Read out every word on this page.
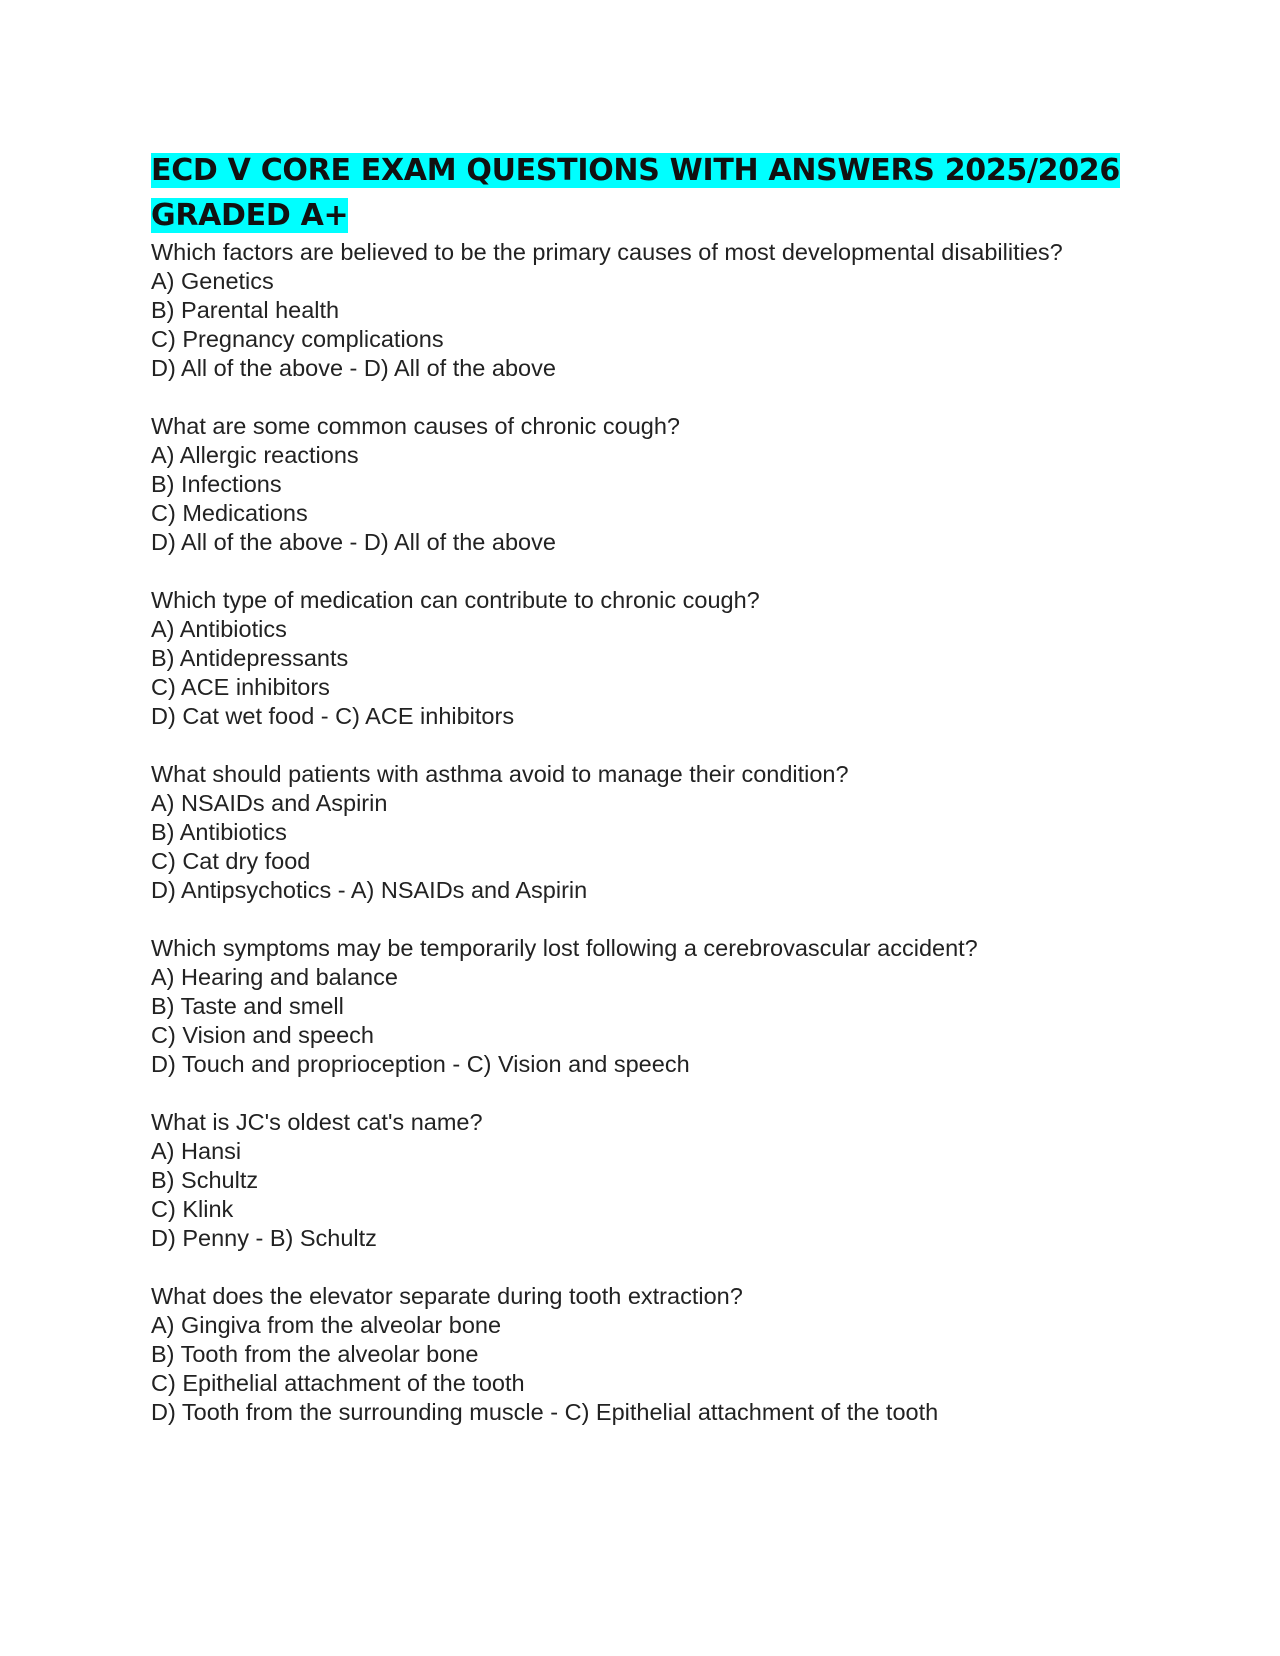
ECD V CORE EXAM QUESTIONS WITH ANSWERS 2025/2026 GRADED A+
Which factors are believed to be the primary causes of most developmental disabilities?
A) Genetics
B) Parental health
C) Pregnancy complications
D) All of the above - D) All of the above
What are some common causes of chronic cough?
A) Allergic reactions
B) Infections
C) Medications
D) All of the above - D) All of the above
Which type of medication can contribute to chronic cough?
A) Antibiotics
B) Antidepressants
C) ACE inhibitors
D) Cat wet food - C) ACE inhibitors
What should patients with asthma avoid to manage their condition?
A) NSAIDs and Aspirin
B) Antibiotics
C) Cat dry food
D) Antipsychotics - A) NSAIDs and Aspirin
Which symptoms may be temporarily lost following a cerebrovascular accident?
A) Hearing and balance
B) Taste and smell
C) Vision and speech
D) Touch and proprioception - C) Vision and speech
What is JC's oldest cat's name?
A) Hansi
B) Schultz
C) Klink
D) Penny - B) Schultz
What does the elevator separate during tooth extraction?
A) Gingiva from the alveolar bone
B) Tooth from the alveolar bone
C) Epithelial attachment of the tooth
D) Tooth from the surrounding muscle - C) Epithelial attachment of the tooth
